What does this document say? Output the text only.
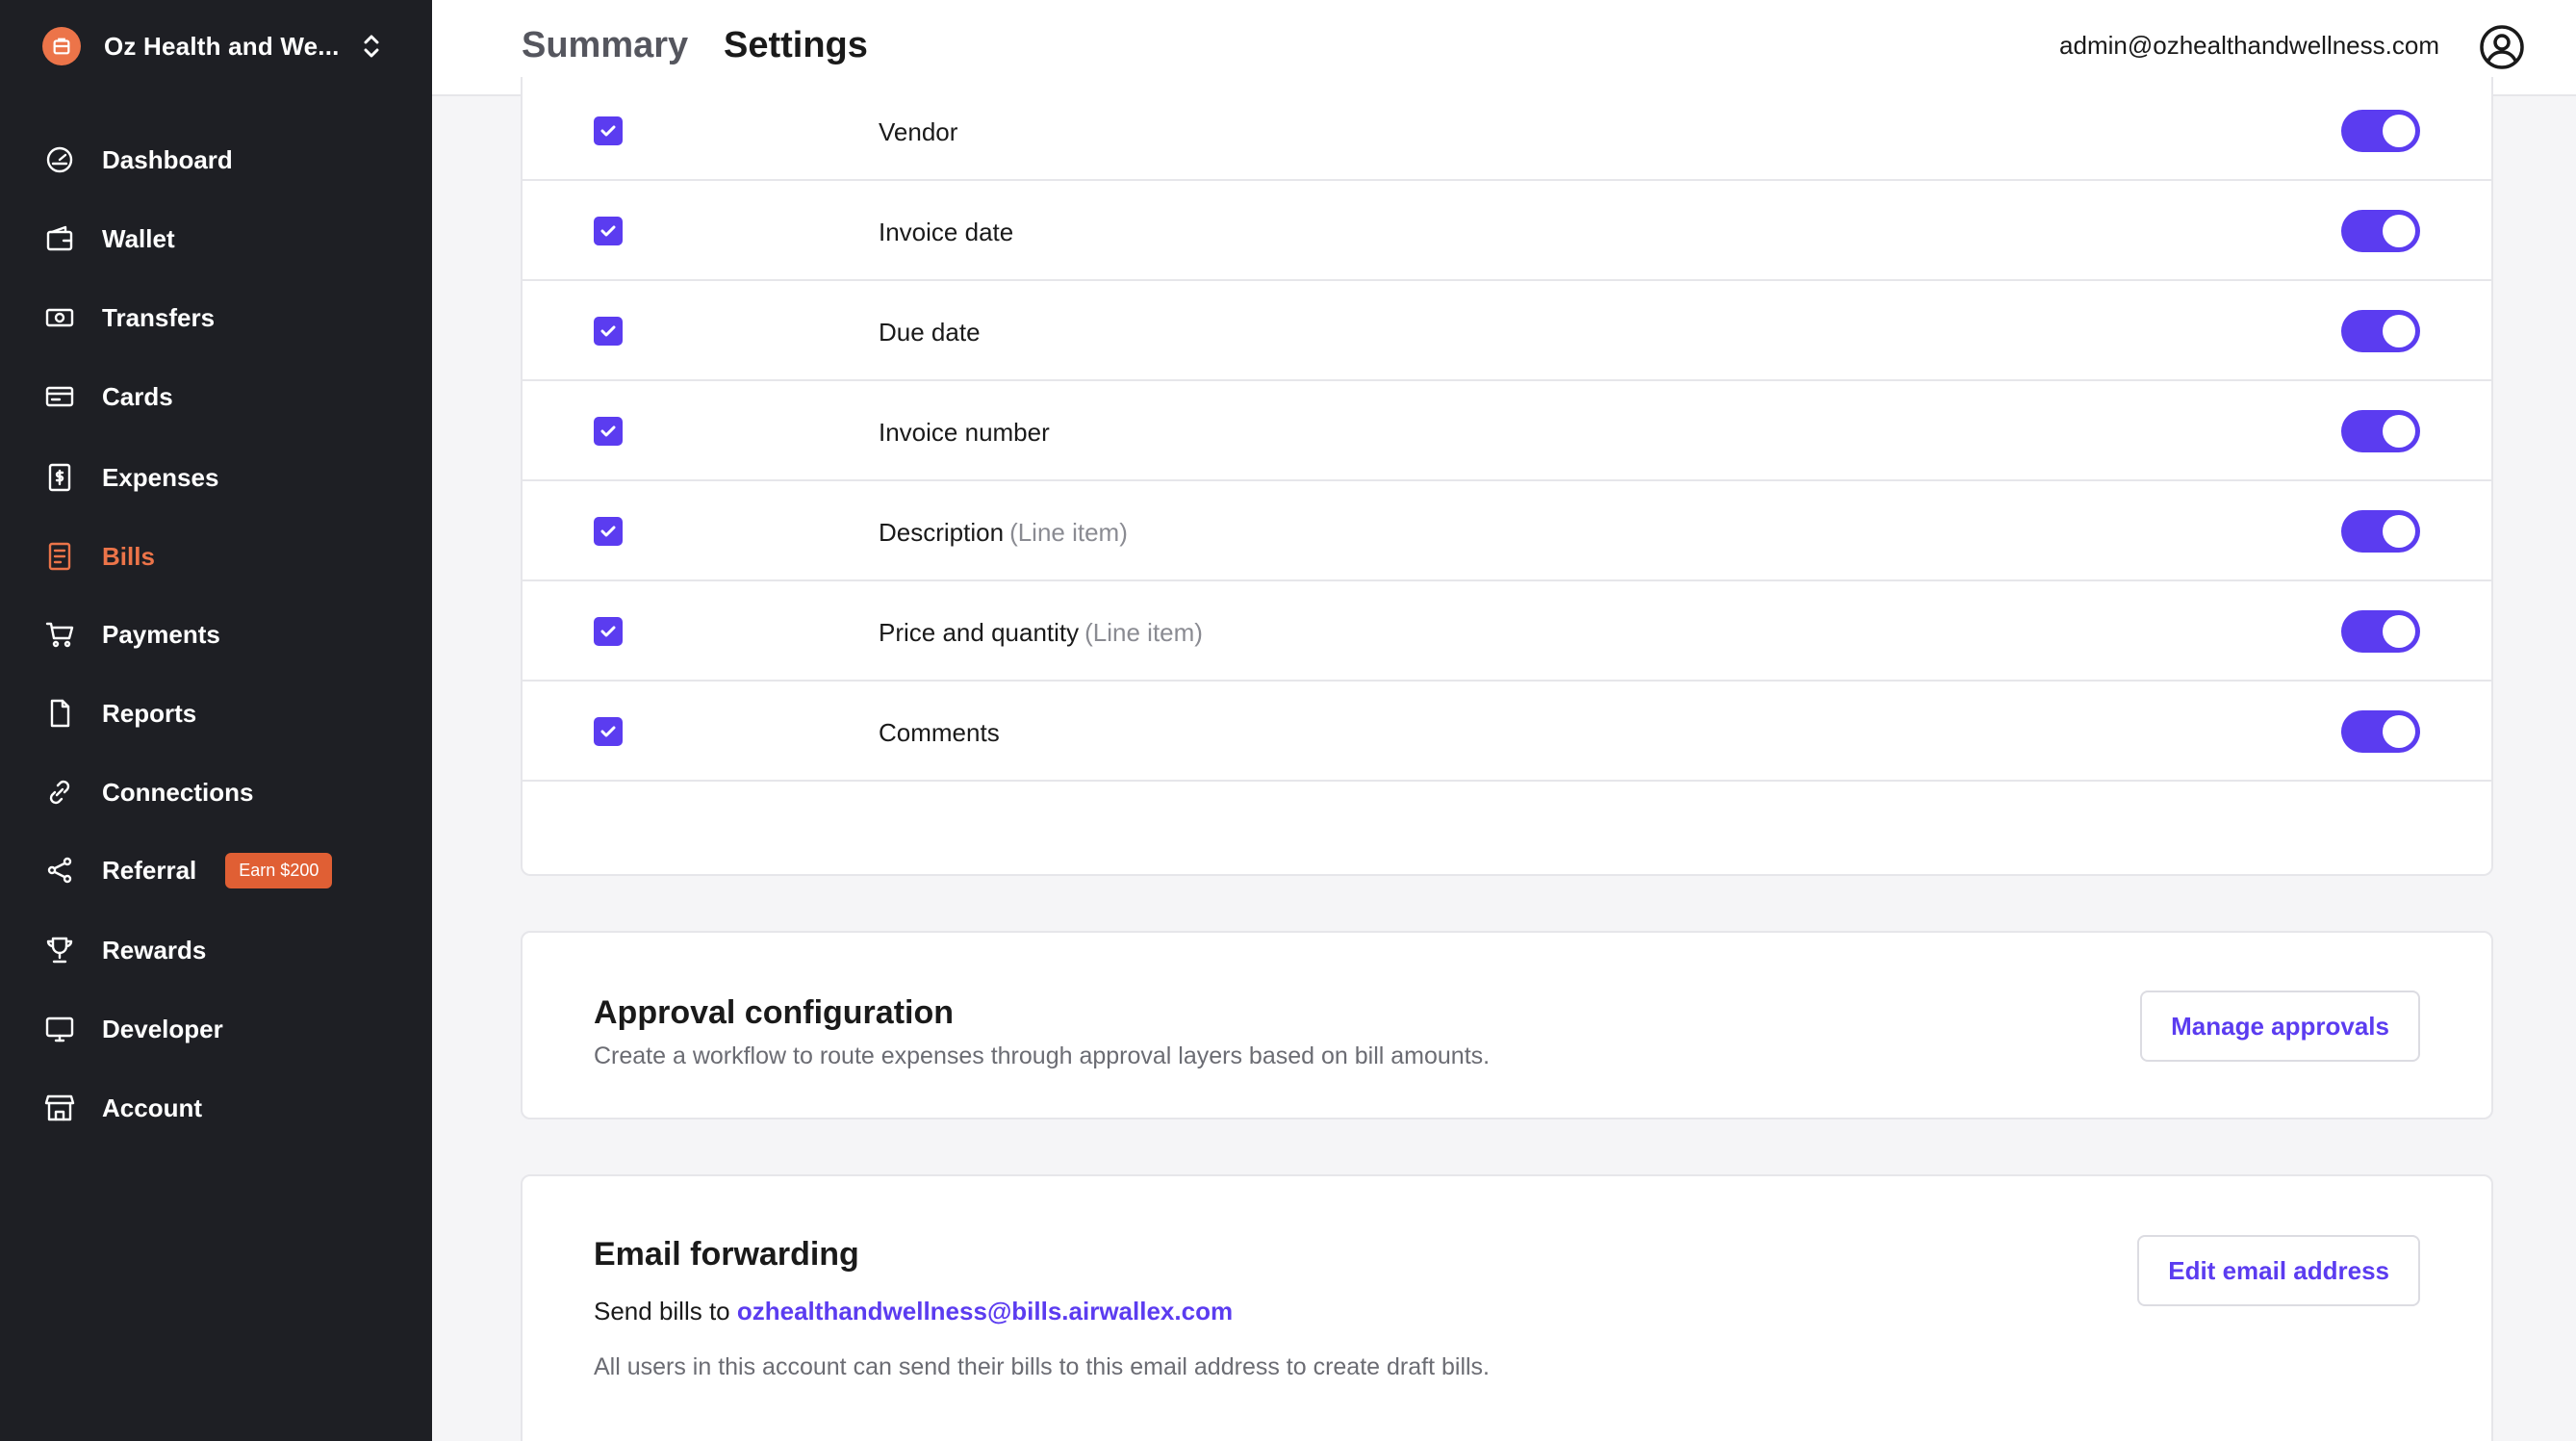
Oz Health and We...
Dashboard
Wallet
Transfers
Cards
Expenses
Bills
Payments
Reports
Connections
Referral	Earn $200
Rewards
Developer
Account
Summary Settings	admin@ozhealthandwellness.com
Vendor
Invoice date
Due date
Invoice number
Description (Line item)
Price and quantity (Line item)
Comments
Approval configuration
Create a workflow to route expenses through approval layers based on bill amounts.
Manage approvals
Email forwarding
Send bills to ozhealthandwellness@bills.airwallex.com
All users in this account can send their bills to this email address to create draft bills.
Edit email address
